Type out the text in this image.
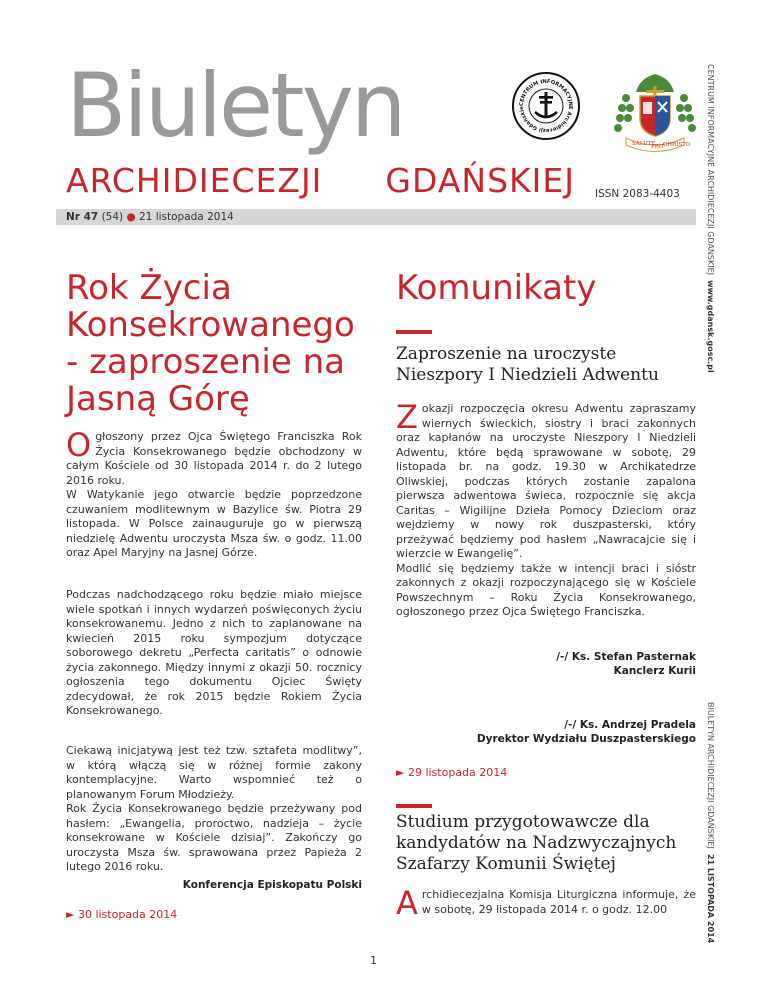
Biuletyn
ARCHIDIECEZJI GDAŃSKIEJ ISSN 2083-4403
CENTRUM INFORMACYJNE Archidiecezji Gdańskie
SALUTE
PRO CHRISTO
Nr 47 (54) ● 21 listopada 2014	CENTRUM INFORMACYJNE ARCHIDIECEZJI GDAŃSKIEJ  www.gdansk.gosc.pl
BIULETYN ARCHIDIECEZJI GDAŃSKIEJ  21 LISTOPADA 2014
Rok Życia Konsekrowanego - zaproszenie na Jasną Górę

Ogłoszony przez Ojca Świętego Franciszka Rok Życia Konsekrowanego będzie obchodzony w całym Kościele od 30 listopada 2014 r. do 2 lutego 2016 roku.

W Watykanie jego otwarcie będzie poprzedzone czuwaniem modlitewnym w Bazylice św. Piotra 29 listopada. W Polsce zainauguruje go w pierwszą niedzielę Adwentu uroczysta Msza św. o godz. 11.00 oraz Apel Maryjny na Jasnej Górze.

Podczas nadchodzącego roku będzie miało miejsce wiele spotkań i innych wydarzeń poświęconych życiu konsekrowanemu. Jedno z nich to zaplanowane na kwiecień 2015 roku sympozjum dotyczące soborowego dekretu „Perfecta caritatis” o odnowie życia zakonnego. Między innymi z okazji 50. rocznicy ogłoszenia tego dokumentu Ojciec Święty zdecydował, że rok 2015 będzie Rokiem Życia Konsekrowanego.

Ciekawą inicjatywą jest też tzw. sztafeta modlitwy”, w którą włączą się w różnej formie zakony kontemplacyjne. Warto wspomnieć też o planowanym Forum Młodzieży.

Rok Życia Konsekrowanego będzie przeżywany pod hasłem: „Ewangelia, proroctwo, nadzieja – życie konsekrowane w Kościele dzisiaj”. Zakończy go uroczysta Msza św. sprawowana przez Papieża 2 lutego 2016 roku.

Konferencja Episkopatu Polski
► 30 listopada 2014
Komunikaty
Zaproszenie na uroczyste Nieszpory I Niedzieli Adwentu

Zokazji rozpoczęcia okresu Adwentu zapraszamy wiernych świeckich, siostry i braci zakonnych oraz kapłanów na uroczyste Nieszpory I Niedzieli Adwentu, które będą sprawowane w sobotę, 29 listopada br. na godz. 19.30 w Archikatedrze Oliwskiej, podczas których zostanie zapalona pierwsza adwentowa świeca, rozpocznie się akcja Caritas – Wigilijne Dzieła Pomocy Dzieciom oraz wejdziemy w nowy rok duszpasterski, który przeżywać będziemy pod hasłem „Nawracajcie się i wierzcie w Ewangelię”.

Modlić się będziemy także w intencji braci i sióstr zakonnych z okazji rozpoczynającego się w Kościele Powszechnym – Roku Życia Konsekrowanego, ogłoszonego przez Ojca Świętego Franciszka.

/-/ Ks. Stefan Pasternak
Kanclerz Kurii
/-/ Ks. Andrzej Pradela
Dyrektor Wydziału Duszpasterskiego
► 29 listopada 2014
Studium przygotowawcze dla kandydatów na Nadzwyczajnych Szafarzy Komunii Świętej

Archidiecezjalna Komisja Liturgiczna informuje, że w sobotę, 29 listopada 2014 r. o godz. 12.00

1
